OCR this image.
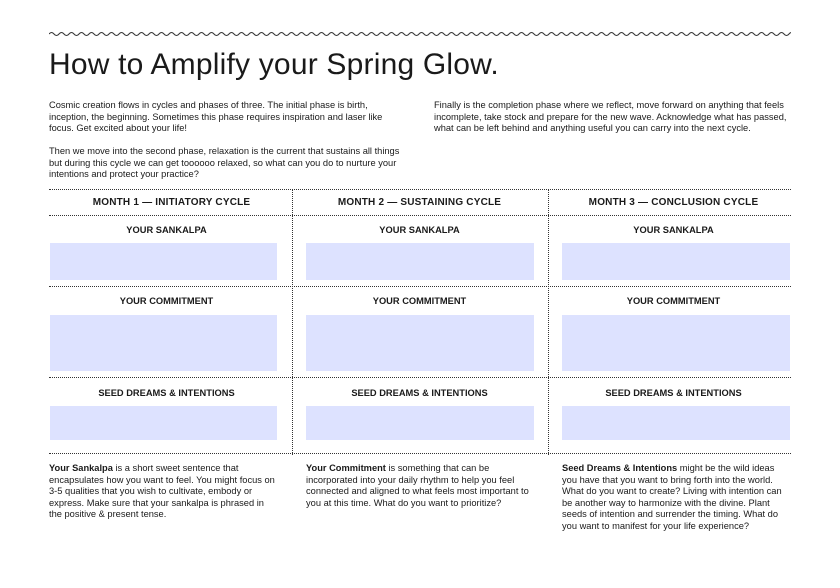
How to Amplify your Spring Glow.

Cosmic creation flows in cycles and phases of three. The initial phase is birth, inception, the beginning. Sometimes this phase requires inspiration and laser like focus. Get excited about your life!

Then we move into the second phase, relaxation is the current that sustains all things but during this cycle we can get toooooo relaxed, so what can you do to nurture your intentions and protect your practice?

Finally is the completion phase where we reflect, move forward on anything that feels incomplete, take stock and prepare for the new wave. Acknowledge what has passed, what can be left behind and anything useful you can carry into the next cycle.

MONTH 1 — INITIATORY CYCLE	MONTH 2 — SUSTAINING CYCLE	MONTH 3 — CONCLUSION CYCLE
YOUR SANKALPA	YOUR SANKALPA	YOUR SANKALPA
YOUR COMMITMENT	YOUR COMMITMENT	YOUR COMMITMENT
SEED DREAMS & INTENTIONS	SEED DREAMS & INTENTIONS	SEED DREAMS & INTENTIONS
Your Sankalpa is a short sweet sentence that encapsulates how you want to feel. You might focus on 3-5 qualities that you wish to cultivate, embody or express. Make sure that your sankalpa is phrased in the positive & present tense.
Your Commitment is something that can be incorporated into your daily rhythm to help you feel connected and aligned to what feels most important to you at this time. What do you want to prioritize?
Seed Dreams & Intentions might be the wild ideas you have that you want to bring forth into the world. What do you want to create? Living with intention can be another way to harmonize with the divine. Plant seeds of intention and surrender the timing. What do you want to manifest for your life experience?
